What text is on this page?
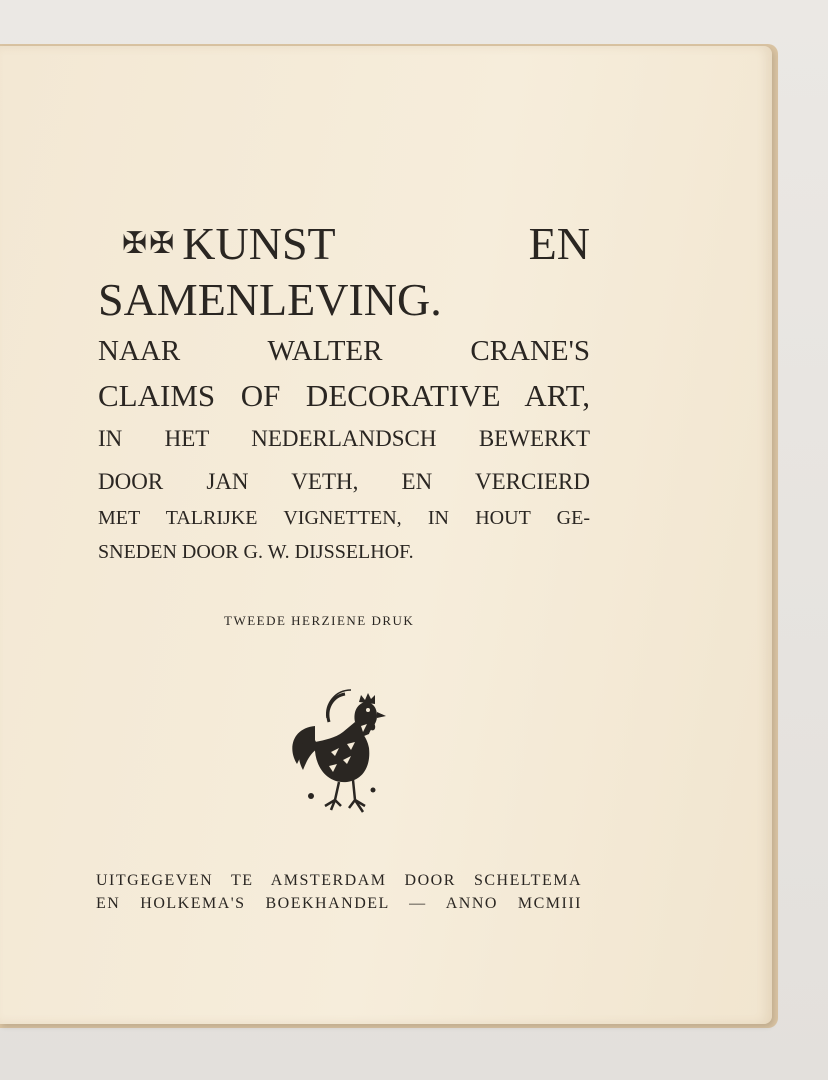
✠✠ KUNST EN
SAMENLEVING.
NAAR WALTER CRANE'S
CLAIMS OF DECORATIVE ART,
IN HET NEDERLANDSCH BEWERKT
DOOR JAN VETH, EN VERCIERD
MET TALRIJKE VIGNETTEN, IN HOUT GE-
SNEDEN DOOR G. W. DIJSSELHOF.
TWEEDE HERZIENE DRUK
UITGEGEVEN TE AMSTERDAM DOOR SCHELTEMA
EN HOLKEMA'S BOEKHANDEL — ANNO MCMIII
